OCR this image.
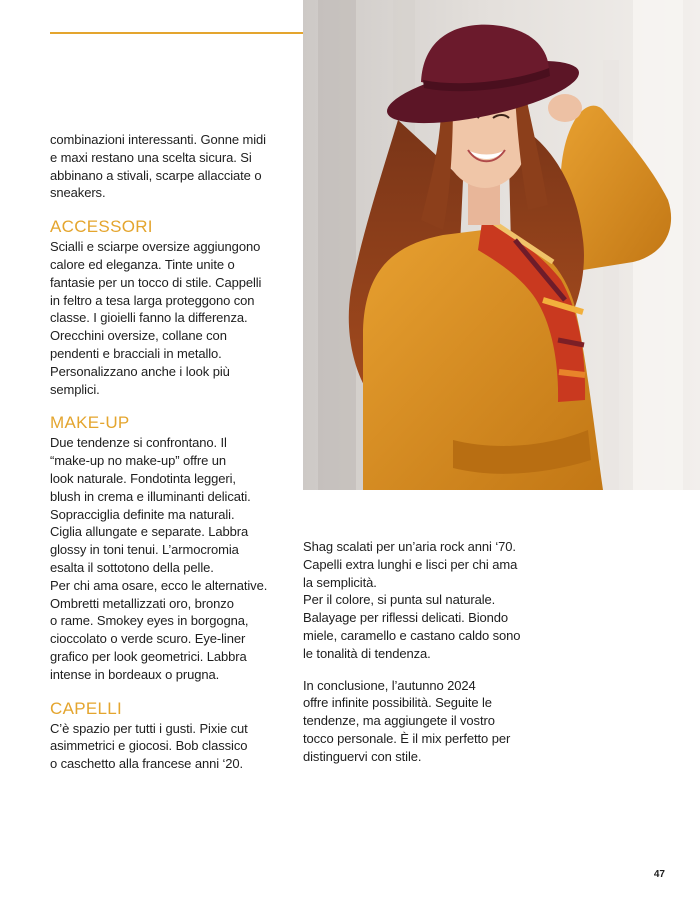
combinazioni interessanti. Gonne midi
e maxi restano una scelta sicura. Si
abbinano a stivali, scarpe allacciate o
sneakers.

ACCESSORI

Scialli e sciarpe oversize aggiungono
calore ed eleganza. Tinte unite o
fantasie per un tocco di stile. Cappelli
in feltro a tesa larga proteggono con
classe. I gioielli fanno la differenza.
Orecchini oversize, collane con
pendenti e bracciali in metallo.
Personalizzano anche i look più
semplici.

MAKE-UP

Due tendenze si confrontano. Il
“make-up no make-up” offre un
look naturale. Fondotinta leggeri,
blush in crema e illuminanti delicati.
Sopracciglia definite ma naturali.
Ciglia allungate e separate. Labbra
glossy in toni tenui. L’armocromia
esalta il sottotono della pelle.
Per chi ama osare, ecco le alternative.
Ombretti metallizzati oro, bronzo
o rame. Smokey eyes in borgogna,
cioccolato o verde scuro. Eye-liner
grafico per look geometrici. Labbra
intense in bordeaux o prugna.

CAPELLI

C’è spazio per tutti i gusti. Pixie cut
asimmetrici e giocosi. Bob classico
o caschetto alla francese anni ‘20.

Shag scalati per un’aria rock anni ‘70.
Capelli extra lunghi e lisci per chi ama
la semplicità.
Per il colore, si punta sul naturale.
Balayage per riflessi delicati. Biondo
miele, caramello e castano caldo sono
le tonalità di tendenza.

In conclusione, l’autunno 2024
offre infinite possibilità. Seguite le
tendenze, ma aggiungete il vostro
tocco personale. È il mix perfetto per
distinguervi con stile.

47
